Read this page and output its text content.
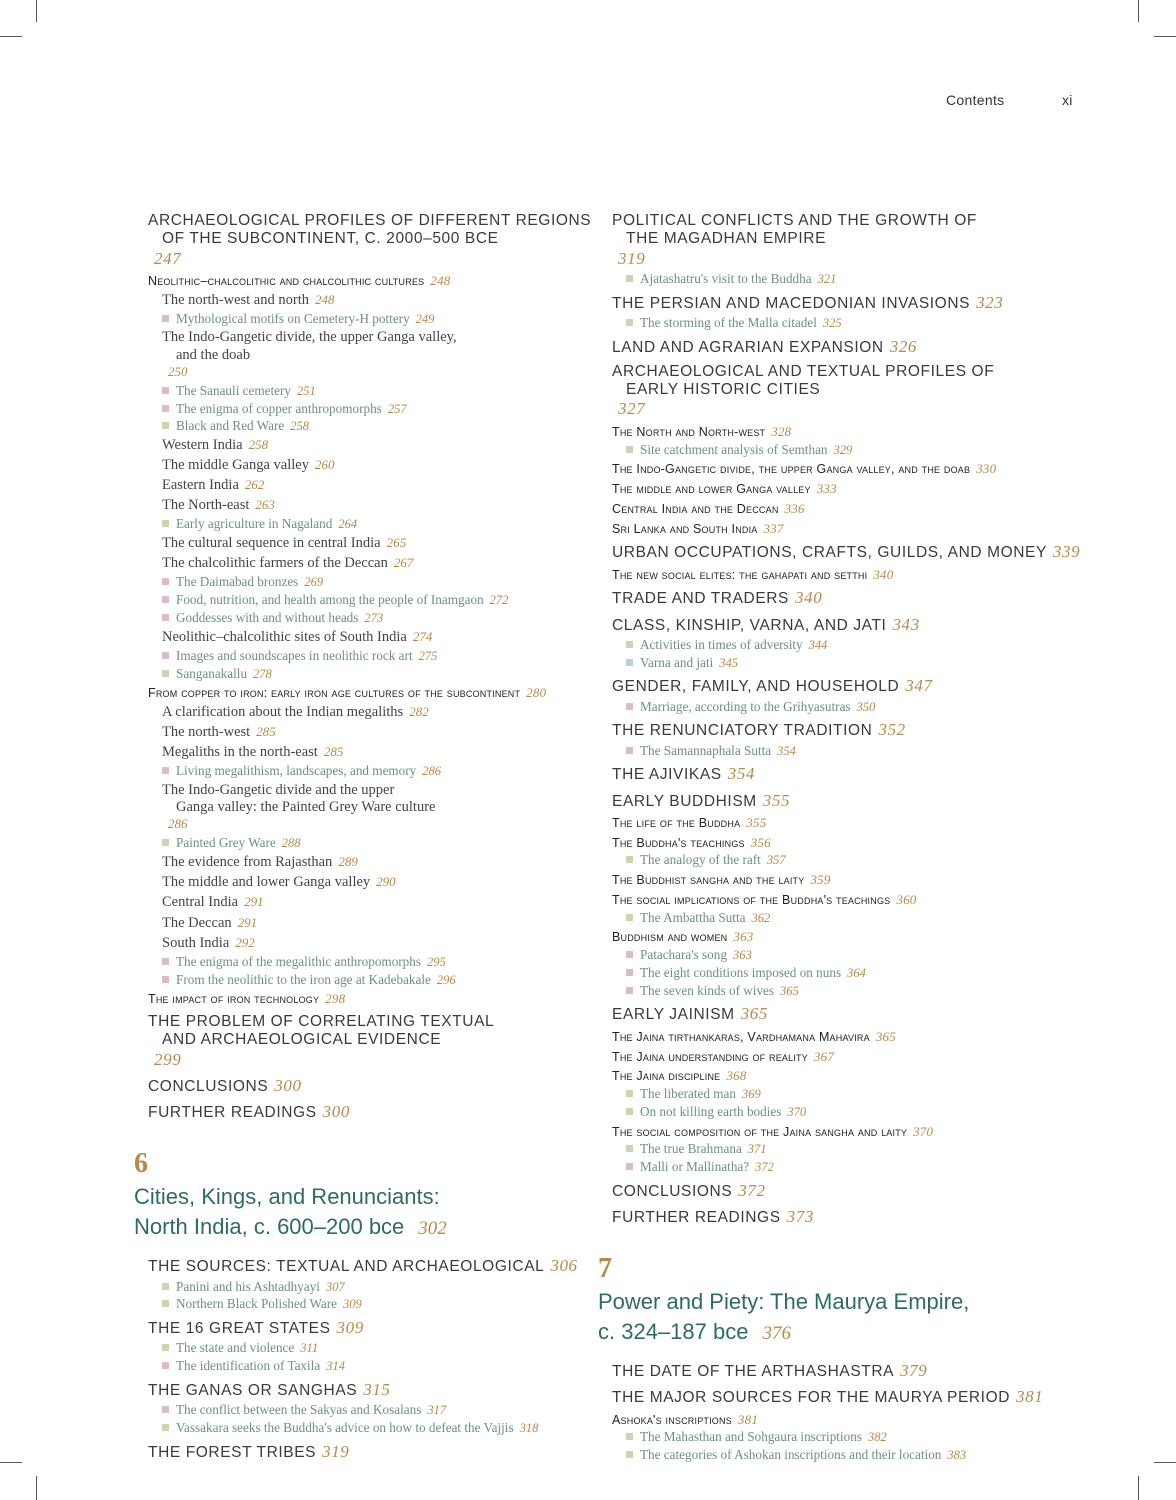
Contents	xi
ARCHAEOLOGICAL PROFILES OF DIFFERENT REGIONS
OF THE SUBCONTINENT, C. 2000–500 BCE
247
Neolithic–chalcolithic and chalcolithic cultures 248
The north-west and north 248
Mythological motifs on Cemetery-H pottery 249
The Indo-Gangetic divide, the upper Ganga valley,
and the doab
250
The Sanauli cemetery 251
The enigma of copper anthropomorphs 257
Black and Red Ware 258
Western India 258
The middle Ganga valley 260
Eastern India 262
The North-east 263
Early agriculture in Nagaland 264
The cultural sequence in central India 265
The chalcolithic farmers of the Deccan 267
The Daimabad bronzes 269
Food, nutrition, and health among the people of Inamgaon 272
Goddesses with and without heads 273
Neolithic–chalcolithic sites of South India 274
Images and soundscapes in neolithic rock art 275
Sanganakallu 278
From copper to iron: early iron age cultures of the subcontinent 280
A clarification about the Indian megaliths 282
The north-west 285
Megaliths in the north-east 285
Living megalithism, landscapes, and memory 286
The Indo-Gangetic divide and the upper
Ganga valley: the Painted Grey Ware culture
286
Painted Grey Ware 288
The evidence from Rajasthan 289
The middle and lower Ganga valley 290
Central India 291
The Deccan 291
South India 292
The enigma of the megalithic anthropomorphs 295
From the neolithic to the iron age at Kadebakale 296
The impact of iron technology 298
THE PROBLEM OF CORRELATING TEXTUAL
AND ARCHAEOLOGICAL EVIDENCE
299
CONCLUSIONS 300
FURTHER READINGS 300
6
Cities, Kings, and Renunciants:
North India, c. 600–200 bce 302
THE SOURCES: TEXTUAL AND ARCHAEOLOGICAL 306
Panini and his Ashtadhyayi 307
Northern Black Polished Ware 309
THE 16 GREAT STATES 309
The state and violence 311
The identification of Taxila 314
THE GANAS OR SANGHAS 315
The conflict between the Sakyas and Kosalans 317
Vassakara seeks the Buddha's advice on how to defeat the Vajjis 318
THE FOREST TRIBES 319
POLITICAL CONFLICTS AND THE GROWTH OF
THE MAGADHAN EMPIRE
319
Ajatashatru's visit to the Buddha 321
THE PERSIAN AND MACEDONIAN INVASIONS 323
The storming of the Malla citadel 325
LAND AND AGRARIAN EXPANSION 326
ARCHAEOLOGICAL AND TEXTUAL PROFILES OF
EARLY HISTORIC CITIES
327
The North and North-west 328
Site catchment analysis of Semthan 329
The Indo-Gangetic divide, the upper Ganga valley, and the doab 330
The middle and lower Ganga valley 333
Central India and the Deccan 336
Sri Lanka and South India 337
URBAN OCCUPATIONS, CRAFTS, GUILDS, AND MONEY 339
The new social elites: the gahapati and setthi 340
TRADE AND TRADERS 340
CLASS, KINSHIP, VARNA, AND JATI 343
Activities in times of adversity 344
Varna and jati 345
GENDER, FAMILY, AND HOUSEHOLD 347
Marriage, according to the Grihyasutras 350
THE RENUNCIATORY TRADITION 352
The Samannaphala Sutta 354
THE AJIVIKAS 354
EARLY BUDDHISM 355
The life of the Buddha 355
The Buddha's teachings 356
The analogy of the raft 357
The Buddhist sangha and the laity 359
The social implications of the Buddha's teachings 360
The Ambattha Sutta 362
Buddhism and women 363
Patachara's song 363
The eight conditions imposed on nuns 364
The seven kinds of wives 365
EARLY JAINISM 365
The Jaina tirthankaras, Vardhamana Mahavira 365
The Jaina understanding of reality 367
The Jaina discipline 368
The liberated man 369
On not killing earth bodies 370
The social composition of the Jaina sangha and laity 370
The true Brahmana 371
Malli or Mallinatha? 372
CONCLUSIONS 372
FURTHER READINGS 373
7
Power and Piety: The Maurya Empire,
c. 324–187 bce 376
THE DATE OF THE ARTHASHASTRA 379
THE MAJOR SOURCES FOR THE MAURYA PERIOD 381
Ashoka's inscriptions 381
The Mahasthan and Sohgaura inscriptions 382
The categories of Ashokan inscriptions and their location 383
